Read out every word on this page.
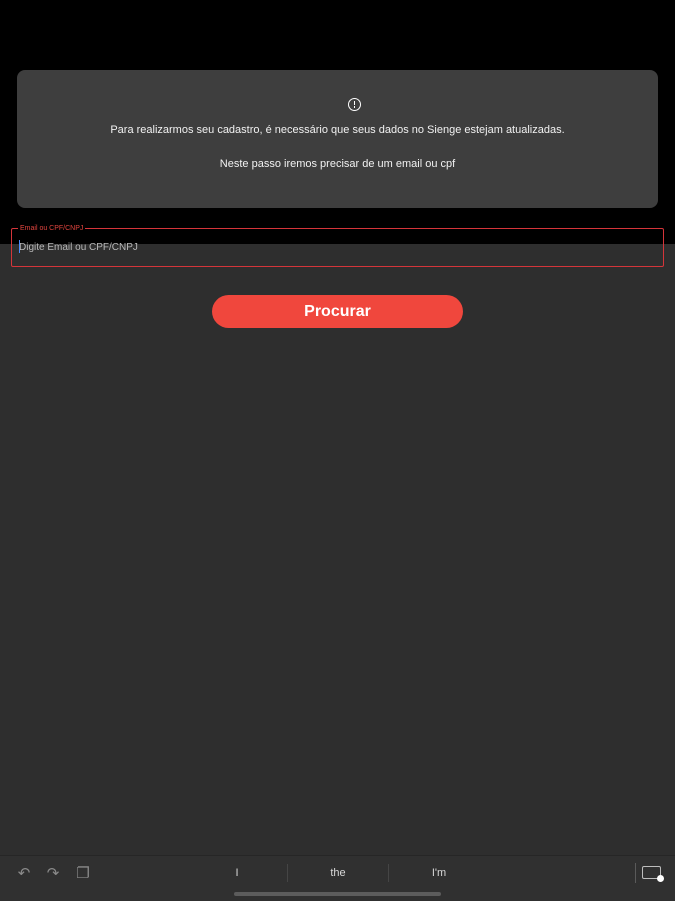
Para realizarmos seu cadastro, é necessário que seus dados no Sienge estejam atualizadas.
Neste passo iremos precisar de um email ou cpf
Email ou CPF/CNPJ
Digite Email ou CPF/CNPJ
Procurar
↶ ↷ ❐	I	the	I'm
